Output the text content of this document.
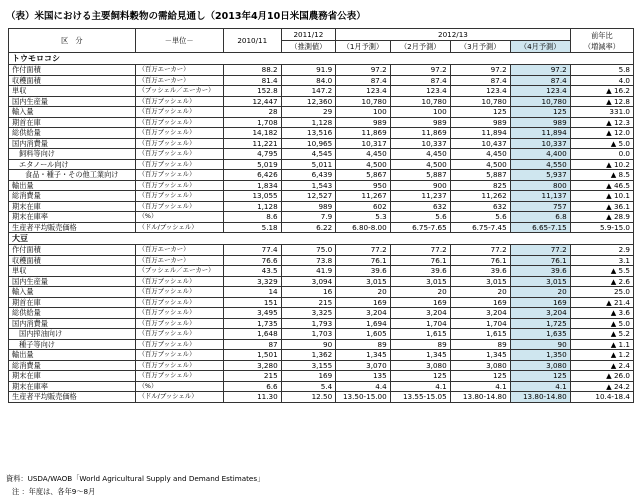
（表）米国における主要飼料穀物の需給見通し（2013年4月10日米国農務省公表）
区　分	－単位－	2010/11	2011/12	2012/13				前年比
（増減率）

			（推測値）	（1月予測）	（2月予測）	（3月予測）	（4月予測）	
トウモロコシ								
作付面積	（百万エーカー）	88.2	91.9	97.2	97.2	97.2	97.2	5.8
収穫面積	（百万エーカー）	81.4	84.0	87.4	87.4	87.4	87.4	4.0
単収	（ブッシェル／エーカー）	152.8	147.2	123.4	123.4	123.4	123.4	▲ 16.2
国内生産量	（百万ブッシェル）	12,447	12,360	10,780	10,780	10,780	10,780	▲ 12.8
輸入量	（百万ブッシェル）	28	29	100	100	125	125	331.0
期首在庫	（百万ブッシェル）	1,708	1,128	989	989	989	989	▲ 12.3
総供給量	（百万ブッシェル）	14,182	13,516	11,869	11,869	11,894	11,894	▲ 12.0
国内消費量	（百万ブッシェル）	11,221	10,965	10,317	10,337	10,437	10,337	▲ 5.0
飼料等向け	（百万ブッシェル）	4,795	4,545	4,450	4,450	4,450	4,400	0.0
エタノール向け	（百万ブッシェル）	5,019	5,011	4,500	4,500	4,500	4,550	▲ 10.2
食品・種子・その他工業向け	（百万ブッシェル）	6,426	6,439	5,867	5,887	5,887	5,937	▲ 8.5
輸出量	（百万ブッシェル）	1,834	1,543	950	900	825	800	▲ 46.5
総消費量	（百万ブッシェル）	13,055	12,527	11,267	11,237	11,262	11,137	▲ 10.1
期末在庫	（百万ブッシェル）	1,128	989	602	632	632	757	▲ 36.1
期末在庫率	（%）	8.6	7.9	5.3	5.6	5.6	6.8	▲ 28.9
生産者平均販売価格	（ドル/ブッシェル）	5.18	6.22	6.80-8.00	6.75-7.65	6.75-7.45	6.65-7.15	5.9-15.0
大豆								
作付面積	（百万エーカー）	77.4	75.0	77.2	77.2	77.2	77.2	2.9
収穫面積	（百万エーカー）	76.6	73.8	76.1	76.1	76.1	76.1	3.1
単収	（ブッシェル／エーカー）	43.5	41.9	39.6	39.6	39.6	39.6	▲ 5.5
国内生産量	（百万ブッシェル）	3,329	3,094	3,015	3,015	3,015	3,015	▲ 2.6
輸入量	（百万ブッシェル）	14	16	20	20	20	20	25.0
期首在庫	（百万ブッシェル）	151	215	169	169	169	169	▲ 21.4
総供給量	（百万ブッシェル）	3,495	3,325	3,204	3,204	3,204	3,204	▲ 3.6
国内消費量	（百万ブッシェル）	1,735	1,793	1,694	1,704	1,704	1,725	▲ 5.0
国内搾油向け	（百万ブッシェル）	1,648	1,703	1,605	1,615	1,615	1,635	▲ 5.2
種子等向け	（百万ブッシェル）	87	90	89	89	89	90	▲ 1.1
輸出量	（百万ブッシェル）	1,501	1,362	1,345	1,345	1,345	1,350	▲ 1.2
総消費量	（百万ブッシェル）	3,280	3,155	3,070	3,080	3,080	3,080	▲ 2.4
期末在庫	（百万ブッシェル）	215	169	135	125	125	125	▲ 26.0
期末在庫率	（%）	6.6	5.4	4.4	4.1	4.1	4.1	▲ 24.2
生産者平均販売価格	（ドル/ブッシェル）	11.30	12.50	13.50-15.00	13.55-15.05	13.80-14.80	13.80-14.80	10.4-18.4
資料：USDA/WAOB「World Agricultural Supply and Demand Estimates」
注 ：年度は、各年9～8月
